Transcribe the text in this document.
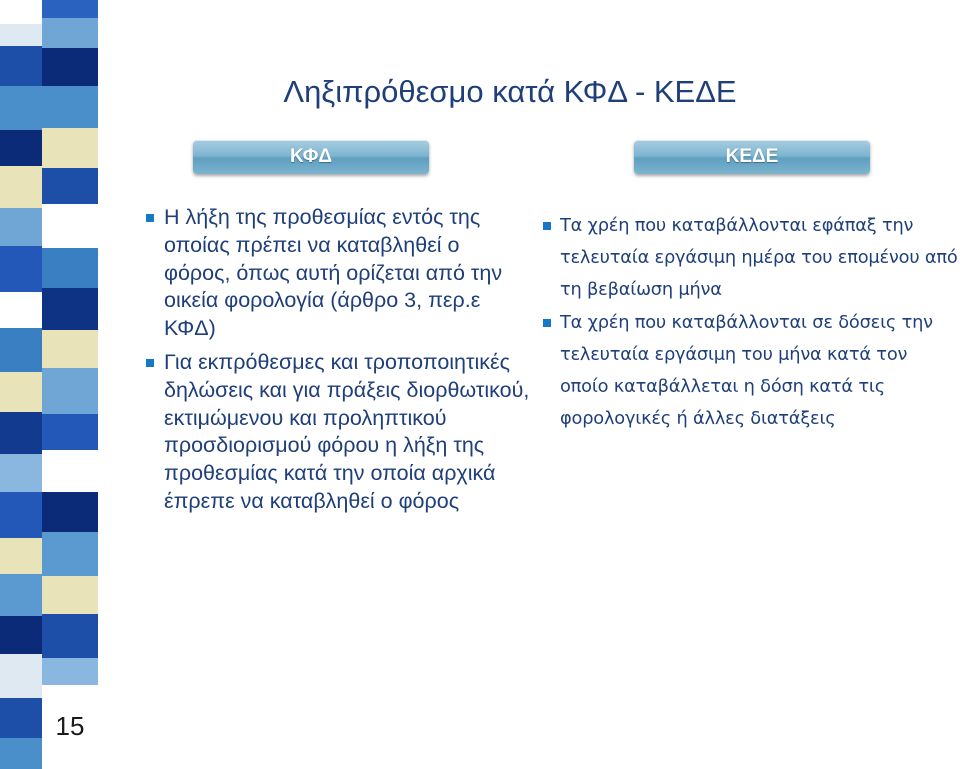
15
Ληξιπρόθεσμο κατά ΚΦΔ - ΚΕΔΕ
ΚΦΔ	ΚΕΔΕ
Η λήξη της προθεσμίας εντός της οποίας πρέπει να καταβληθεί ο φόρος, όπως αυτή ορίζεται από την οικεία φορολογία (άρθρο 3, περ.ε ΚΦΔ)
Για εκπρόθεσμες και τροποποιητικές δηλώσεις και για πράξεις διορθωτικού, εκτιμώμενου και προληπτικού προσδιορισμού φόρου η λήξη της προθεσμίας κατά την οποία αρχικά έπρεπε να καταβληθεί ο φόρος
Τα χρέη που καταβάλλονται εφάπαξ την τελευταία εργάσιμη ημέρα του επομένου από τη βεβαίωση μήνα
Τα χρέη που καταβάλλονται σε δόσεις την τελευταία εργάσιμη του μήνα κατά τον οποίο καταβάλλεται η δόση κατά τις φορολογικές ή άλλες διατάξεις
